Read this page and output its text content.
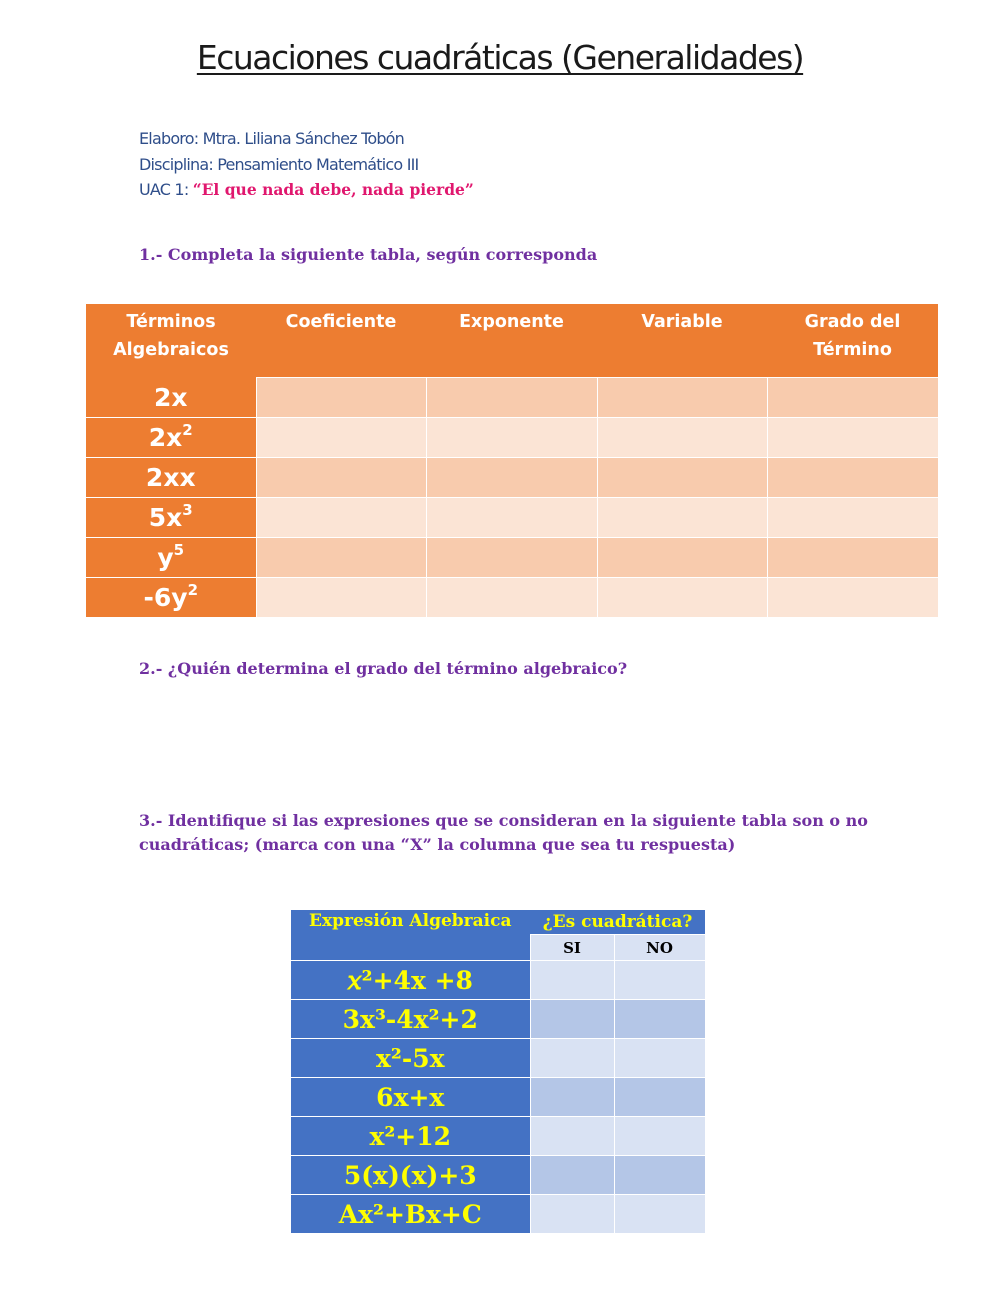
Ecuaciones cuadráticas (Generalidades)
Elaboro: Mtra. Liliana Sánchez Tobón
Disciplina: Pensamiento Matemático III
UAC 1: “El que nada debe, nada pierde”
1.- Completa la siguiente tabla, según corresponda
Términos Algebraicos	Coeficiente	Exponente	Variable	Grado del Término
2x				
$2x^2$				
2xx				
$5x^3$				
$y^5$				
$-6y^2$				
2.- ¿Quién determina el grado del término algebraico?
3.- Identifique si las expresiones que se consideran en la siguiente tabla son o no cuadráticas; (marca con una “X” la columna que sea tu respuesta)
Expresión Algebraica	¿Es cuadrática?	
	SI	NO
𝑥²+4x +8		
3x³-4x²+2		
x²-5x		
6x+x		
x²+12		
5(x)(x)+3		
Ax²+Bx+C		
